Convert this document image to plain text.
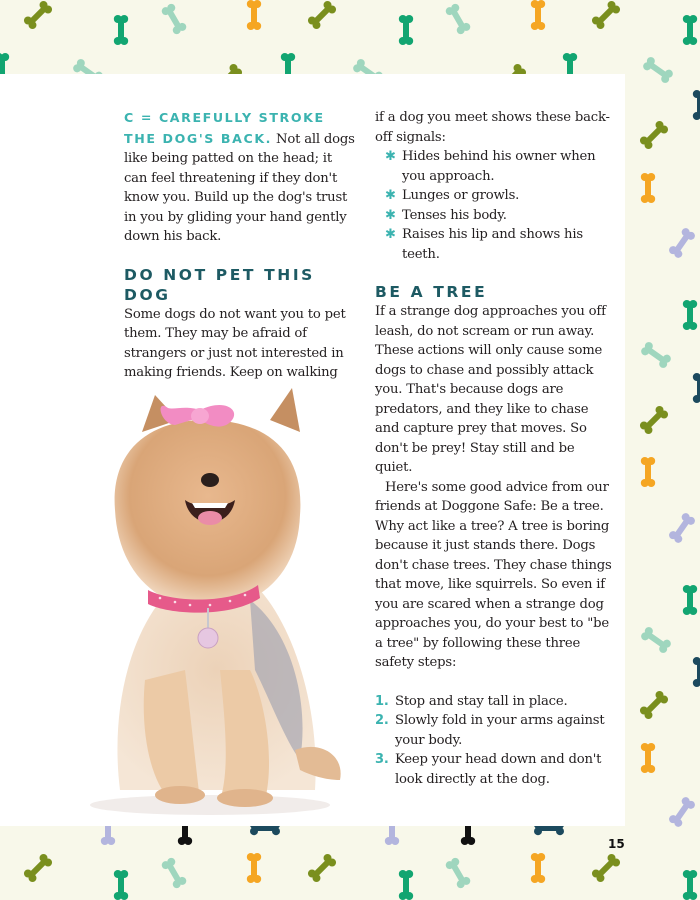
C = CAREFULLY STROKE THE DOG'S BACK. Not all dogs like being patted on the head; it can feel threatening if they don't know you. Build up the dog's trust in you by gliding your hand gently down his back.

DO NOT PET THIS DOG

Some dogs do not want you to pet them. They may be afraid of strangers or just not interested in making friends. Keep on walking

if a dog you meet shows these back-off signals:

✱ Hides behind his owner when you approach.
✱ Lunges or growls.
✱ Tenses his body.
✱ Raises his lip and shows his teeth.
BE A TREE

If a strange dog approaches you off leash, do not scream or run away. These actions will only cause some dogs to chase and possibly attack you. That's because dogs are predators, and they like to chase and capture prey that moves. So don't be prey! Stay still and be quiet.

Here's some good advice from our friends at Doggone Safe: Be a tree. Why act like a tree? A tree is boring because it just stands there. Dogs don't chase trees. They chase things that move, like squirrels. So even if you are scared when a strange dog approaches you, do your best to "be a tree" by following these three safety steps:

1. Stop and stay tall in place.
2. Slowly fold in your arms against your body.
3. Keep your head down and don't look directly at the dog.
15
